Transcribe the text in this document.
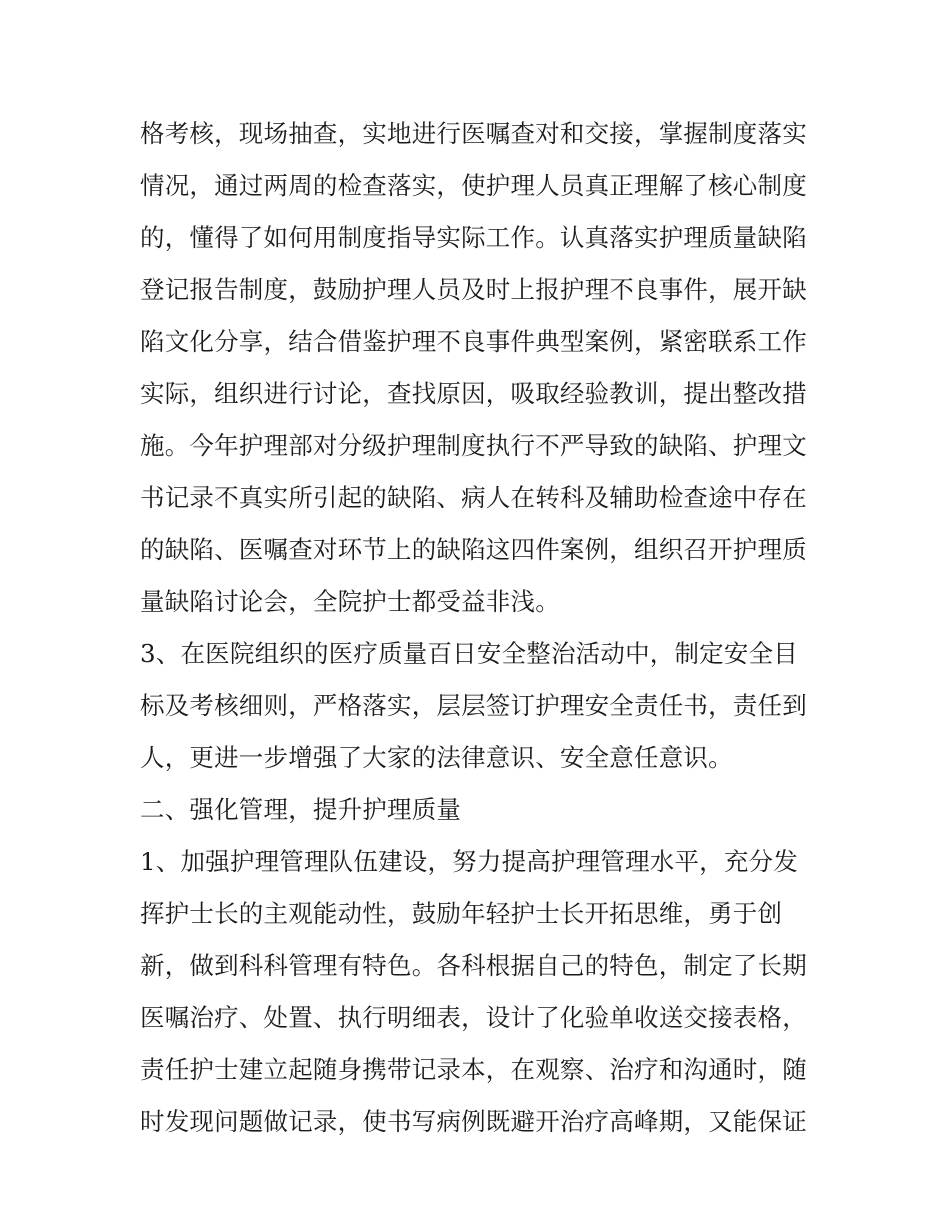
格考核，现场抽查，实地进行医嘱查对和交接，掌握制度落实
情况，通过两周的检查落实，使护理人员真正理解了核心制度
的，懂得了如何用制度指导实际工作。认真落实护理质量缺陷
登记报告制度，鼓励护理人员及时上报护理不良事件，展开缺
陷文化分享，结合借鉴护理不良事件典型案例，紧密联系工作
实际，组织进行讨论，查找原因，吸取经验教训，提出整改措
施。今年护理部对分级护理制度执行不严导致的缺陷、护理文
书记录不真实所引起的缺陷、病人在转科及辅助检查途中存在
的缺陷、医嘱查对环节上的缺陷这四件案例，组织召开护理质
量缺陷讨论会，全院护士都受益非浅。
3、在医院组织的医疗质量百日安全整治活动中，制定安全目
标及考核细则，严格落实，层层签订护理安全责任书，责任到
人，更进一步增强了大家的法律意识、安全意任意识。
二、强化管理，提升护理质量
1、加强护理管理队伍建设，努力提高护理管理水平，充分发
挥护士长的主观能动性，鼓励年轻护士长开拓思维，勇于创
新，做到科科管理有特色。各科根据自己的特色，制定了长期
医嘱治疗、处置、执行明细表，设计了化验单收送交接表格，
责任护士建立起随身携带记录本，在观察、治疗和沟通时，随
时发现问题做记录，使书写病例既避开治疗高峰期，又能保证
